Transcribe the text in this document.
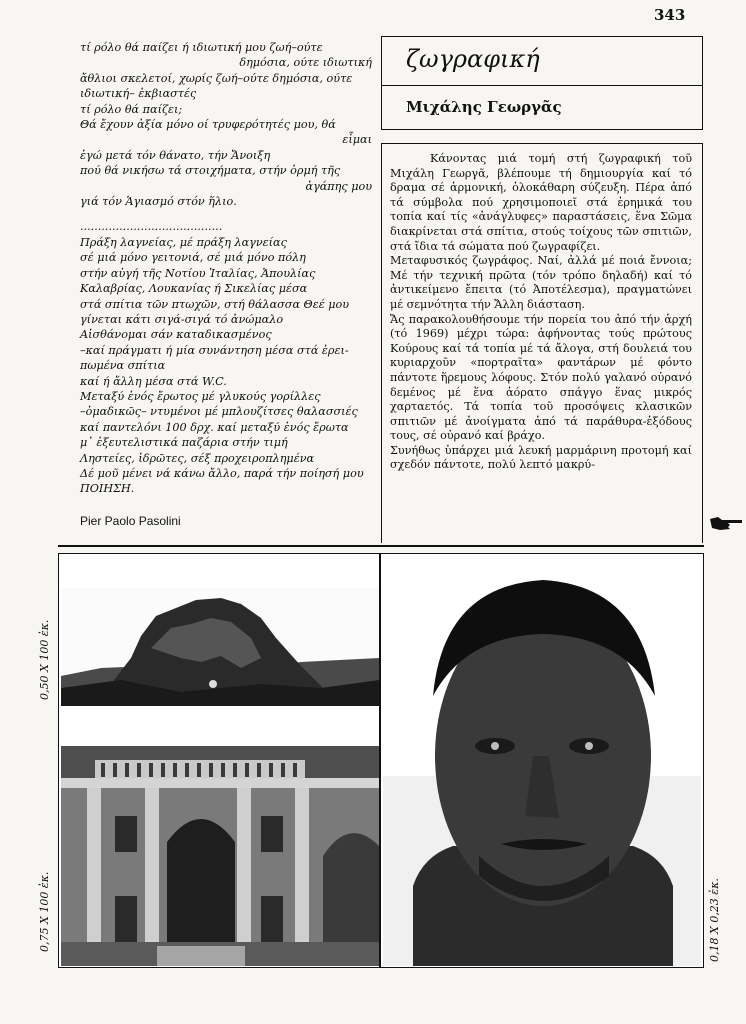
343
τί ρόλο θά παίζει ή ιδιωτική μου ζωή–ούτε
δημόσια, ούτε ιδιωτική
ἄθλιοι σκελετοί, χωρίς ζωή–ούτε δημόσια, ούτε
ιδιωτική– ἐκβιαστές
τί ρόλο θά παίζει;
Θά ἔχουν ἀξία μόνο οί τρυφερότητές μου, θά
εἶμαι
ἐγώ μετά τόν θάνατο, τήν Ἄνοιξη
πού θά νικήσω τά στοιχήματα, στήν ὁρμή τῆς
ἀγάπης μου
γιά τόν Ἁγιασμό στόν ἥλιο.
........................................
Πράξη λαγνείας, μέ πράξη λαγνείας
σέ μιά μόνο γειτονιά, σέ μιά μόνο πόλη
στήν αὐγή τῆς Νοτίου Ἰταλίας, Ἀπουλίας
Καλαβρίας, Λουκανίας ή Σικελίας μέσα
στά σπίτια τῶν πτωχῶν, στή θάλασσα Θεέ μου
γίνεται κάτι σιγά-σιγά τό ἀνώμαλο
Αἰσθάνομαι σάν καταδικασμένος
–καί πράγματι ή μία συνάντηση μέσα στά ἐρει-
πωμένα σπίτια
καί ή ἄλλη μέσα στά W.C.
Μεταξύ ἑνός ἔρωτος μέ γλυκούς γορίλλες
–ὁμαδικῶς– ντυμένοι μέ μπλουζίτσες θαλασσιές
καί παντελόνι 100 δρχ. καί μεταξύ ἑνός ἔρωτα
μ᾽ ἐξευτελιστικά παζάρια στήν τιμή
Ληστείες, ἱδρῶτες, σέξ προχειροπλημένα
Δέ μοῦ μένει νά κάνω ἄλλο, παρά τήν ποίησή μου
ΠΟΙΗΣΗ.
Pier Paolo Pasolini
ζωγραφική
Μιχάλης Γεωργᾶς

Κάνοντας μιά τομή στή ζωγραφική τοῦ Μιχάλη Γεωργᾶ, βλέπουμε τή δημιουργία καί τό δραμα σέ ἁρμονική, ὁλοκάθαρη σύζευξη. Πέρα ἀπό τά σύμβολα πού χρησιμοποιεῖ στά ἐρημικά του τοπία καί τίς «ἀνάγλυφες» παραστάσεις, ἕνα Σῶμα διακρίνεται στά σπίτια, στούς τοίχους τῶν σπιτιῶν, στά ἴδια τά σώματα πού ζωγραφίζει.

Μεταφυσικός ζωγράφος. Ναί, ἀλλά μέ ποιά ἔννοια; Μέ τήν τεχνική πρῶτα (τόν τρόπο δηλαδή) καί τό ἀντικείμενο ἔπειτα (τό Ἀποτέλεσμα), πραγματώνει μέ σεμνότητα τήν Ἄλλη διάσταση.

Ἄς παρακολουθήσουμε τήν πορεία του ἀπό τήν ἀρχή (τό 1969) μέχρι τώρα: ἀφήνοντας τούς πρώτους Κούρους καί τά τοπία μέ τά ἄλογα, στή δουλειά του κυριαρχοῦν «πορτραῖτα» φαντάρων μέ φόντο πάντοτε ἥρεμους λόφους. Στόν πολύ γαλανό οὐρανό δεμένος μέ ἕνα ἀόρατο σπάγγο ἕνας μικρός χαρταετός. Τά τοπία τοῦ προσόψεις κλασικῶν σπιτιῶν μέ ἀνοίγματα ἀπό τά παράθυρα-ἐξόδους τους, σέ οὐρανό καί βράχο.

Συνήθως ὑπάρχει μιά λευκή μαρμάρινη προτομή καί σχεδόν πάντοτε, πολύ λεπτό μακρύ-

0,50 Χ 100 ἐκ.
0,75 Χ 100 ἐκ.	0,18 Χ 0,23 ἐκ.
